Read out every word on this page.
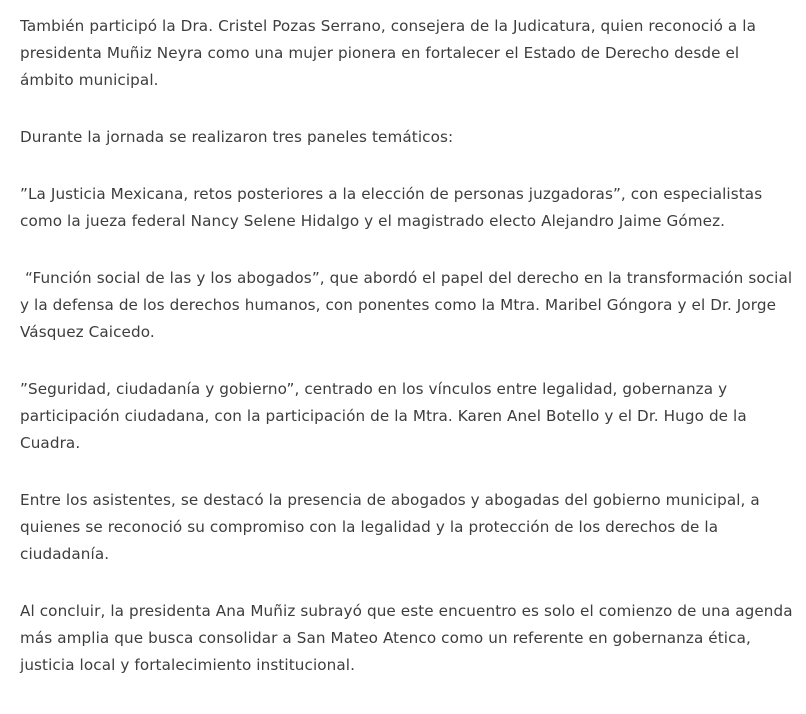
También participó la Dra. Cristel Pozas Serrano, consejera de la Judicatura, quien reconoció a la presidenta Muñiz Neyra como una mujer pionera en fortalecer el Estado de Derecho desde el ámbito municipal.

Durante la jornada se realizaron tres paneles temáticos:

”La Justicia Mexicana, retos posteriores a la elección de personas juzgadoras”, con especialistas como la jueza federal Nancy Selene Hidalgo y el magistrado electo Alejandro Jaime Gómez.

“Función social de las y los abogados”, que abordó el papel del derecho en la transformación social y la defensa de los derechos humanos, con ponentes como la Mtra. Maribel Góngora y el Dr. Jorge Vásquez Caicedo.

”Seguridad, ciudadanía y gobierno”, centrado en los vínculos entre legalidad, gobernanza y participación ciudadana, con la participación de la Mtra. Karen Anel Botello y el Dr. Hugo de la Cuadra.

Entre los asistentes, se destacó la presencia de abogados y abogadas del gobierno municipal, a quienes se reconoció su compromiso con la legalidad y la protección de los derechos de la ciudadanía.

Al concluir, la presidenta Ana Muñiz subrayó que este encuentro es solo el comienzo de una agenda más amplia que busca consolidar a San Mateo Atenco como un referente en gobernanza ética, justicia local y fortalecimiento institucional.
